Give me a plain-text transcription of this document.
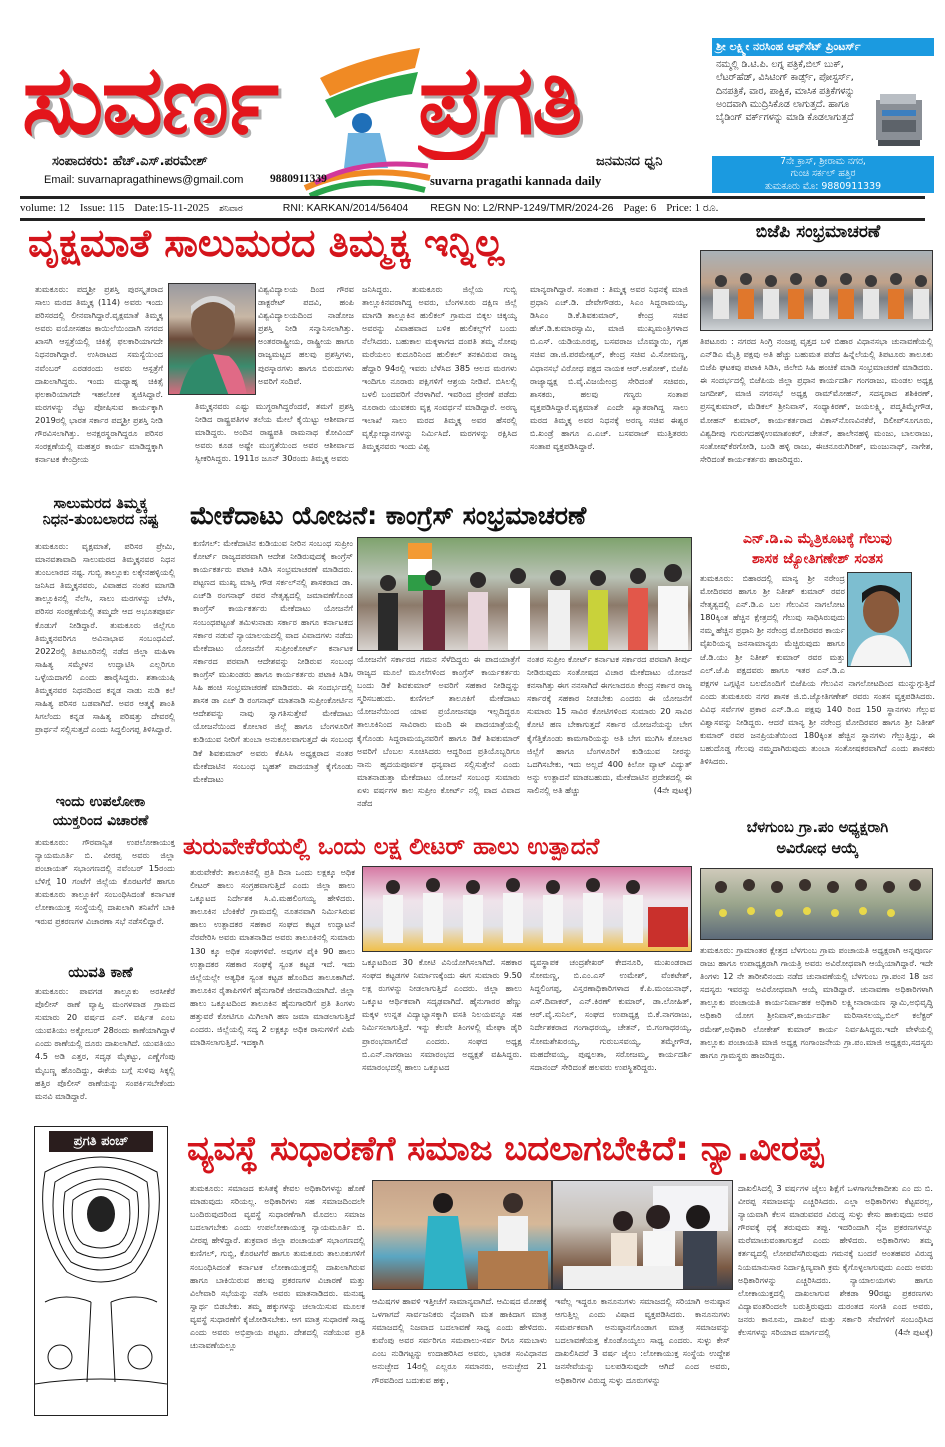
ಸುವರ್ಣ	ಪ್ರಗತಿ
ಸಂಪಾದಕರು: ಹೆಚ್.ಎಸ್.ಪರಮೇಶ್
Email: suvarnapragathinews@gmail.com 9880911339
ಜನಮನದ ಧ್ವನಿ
suvarna pragathi kannada daily
ಶ್ರೀ ಲಕ್ಷ್ಮೀ ನರಸಿಂಹ ಆಫ್‌ಸೆಟ್ ಪ್ರಿಂಟರ್ಸ್
ನಮ್ಮಲ್ಲಿ ಡಿ.ಟಿ.ಪಿ. ಲಗ್ನ ಪತ್ರಿಕೆ,ಬಿಲ್ ಬುಕ್, ಲೆಟರ್‌ಹೆಡ್, ವಿಸಿಟಿಂಗ್ ಕಾರ್ಡ್ಸ್, ಪೋಸ್ಟರ್ಸ್, ದಿನಪತ್ರಿಕೆ, ವಾರ, ಪಾಕ್ಷಿಕ, ಮಾಸಿಕ ಪತ್ರಿಕೆಗಳನ್ನು ಅಂದವಾಗಿ ಮುದ್ರಿಸಿಕೊಡ ಲಾಗುತ್ತದೆ. ಹಾಗೂ ಬೈಡಿಂಗ್ ವರ್ಕ್‌ಗಳನ್ನು ಮಾಡಿ ಕೊಡಲಾಗುತ್ತದೆ
7ನೇ ಕ್ರಾಸ್, ಶ್ರೀರಾಮ ನಗರ,
ಗುಂಚಿ ಸರ್ಕಲ್ ಹತ್ತಿರ
ತುಮಕೂರು ಮೊ: 9880911339
volume: 12 Issue: 115 Date:15-11-2025 ಶನಿವಾರ	RNI: KARKAN/2014/56404 REGN No: L2/RNP-1249/TMR/2024-26 Page: 6 Price: 1 ರೂ.
ವೃಕ್ಷಮಾತೆ ಸಾಲುಮರದ ತಿಮ್ಮಕ್ಕ ಇನ್ನಿಲ್ಲ
ತುಮಕೂರು: ಪದ್ಮಶ್ರೀ ಪ್ರಶಸ್ತಿ ಪುರಸ್ಕೃತರಾದ ಸಾಲು ಮರದ ತಿಮ್ಮಕ್ಕ (114) ಅವರು ಇಂದು ಪರಿಸರದಲ್ಲಿ ಲೀನವಾಗಿದ್ದಾರೆ.ವೃಕ್ಷಮಾತೆ ತಿಮ್ಮಕ್ಕ ಅವರು ವಯೋಸಹಜ ಕಾಯಿಲೆಯಿಂದಾಗಿ ನಗರದ ಖಾಸಗಿ ಆಸ್ಪತ್ರೆಯಲ್ಲಿ ಚಿಕಿತ್ಸೆ ಫಲಕಾರಿಯಾಗದೇ ನಿಧನರಾಗಿದ್ದಾರೆ. ಉಸಿರಾಟದ ಸಮಸ್ಯೆಯಿಂದ ನವೆಂಬರ್ ಎರಡರಂದು ಅವರು ಆಸ್ಪತ್ರೆಗೆ ದಾಖಲಾಗಿದ್ದರು. ಇಂದು ಮಧ್ಯಾಹ್ನ ಚಿಕಿತ್ಸೆ ಫಲಕಾರಿಯಾಗದೇ ಇಹಲೋಕ ತ್ಯಜಿಸಿದ್ದಾರೆ. ಮರಗಳನ್ನು ನೆಟ್ಟು ಪೋಷಿಸುವ ಕಾರ್ಯಕ್ಕಾಗಿ 2019ರಲ್ಲಿ ಭಾರತ ಸರ್ಕಾರ ಪದ್ಮಶ್ರೀ ಪ್ರಶಸ್ತಿ ನೀಡಿ ಗೌರವಿಸಲಾಗಿತ್ತು. ಅನಕ್ಷರಸ್ಥರಾಗಿದ್ದರೂ ಪರಿಸರ ಸಂರಕ್ಷಣೆಯಲ್ಲಿ ಮಹತ್ತರ ಕಾರ್ಯ ಮಾಡಿದ್ದಕ್ಕಾಗಿ ಕರ್ನಾಟಕ ಕೇಂದ್ರೀಯ
ವಿಶ್ವವಿದ್ಯಾಲಯ ದಿಂದ ಗೌರವ ಡಾಕ್ಟರೇಟ್ ಪದವಿ, ಹಂಪಿ ವಿಶ್ವವಿದ್ಯಾಲಯದಿಂದ ನಾಡೋಜ ಪ್ರಶಸ್ತಿ ನೀಡಿ ಸನ್ಮಾನಿಸಲಾಗಿತ್ತು. ಅಂತರರಾಷ್ಟ್ರೀಯ, ರಾಷ್ಟ್ರೀಯ ಹಾಗೂ ರಾಜ್ಯಮಟ್ಟದ ಹಲವು ಪ್ರಶಸ್ತಿಗಳು, ಪುರಸ್ಕಾರಗಳು ಹಾಗೂ ಬಿರುದುಗಳು ಅವರಿಗೆ ಸಂದಿವೆ.
ತಿಮ್ಮಕ್ಕನವರು ಎಷ್ಟು ಮುಗ್ಧರಾಗಿದ್ದರೆಂದರೆ, ತಮಗೆ ಪ್ರಶಸ್ತಿ ನೀಡಿದ ರಾಷ್ಟ್ರಪತಿಗಳ ತಲೆಯ ಮೇಲೆ ಕೈಯಿಟ್ಟು ಆಶೀರ್ವಾದ ಮಾಡಿದ್ದರು. ಅಂದಿನ ರಾಷ್ಟ್ರಪತಿ ರಾಮನಾಥ ಕೋವಿಂದ್ ಅವರು ಕೂಡ ಅಷ್ಟೇ ಮುಗ್ಧತೆಯಿಂದ ಅವರ ಆಶೀರ್ವಾದ ಸ್ವೀಕರಿಸಿದ್ದರು. 1911ರ ಜೂನ್ 30ರಂದು ತಿಮ್ಮಕ್ಕ ಅವರು
ಜನಿಸಿದ್ದರು. ತುಮಕೂರು ಜಿಲ್ಲೆಯ ಗುಬ್ಬಿ ತಾಲ್ಲೂಕಿನವರಾಗಿದ್ದ ಅವರು, ಬೆಂಗಳೂರು ದಕ್ಷಿಣ ಜಿಲ್ಲೆ ಮಾಗಡಿ ತಾಲ್ಲೂಕಿನ ಹುಲಿಕಲ್ ಗ್ರಾಮದ ಬಿಕ್ಕಲ ಚಿಕ್ಕಯ್ಯ ಅವರನ್ನು ವಿವಾಹವಾದ ಬಳಿಕ ಹುಲಿಕಲ್ಲ್‌ಗೆ ಬಂದು ನೆಲೆಸಿದರು. ಬಹುಕಾಲ ಮಕ್ಕಳಾಗದ ದಂಪತಿ ತಮ್ಮ ನೋವು ಮರೆಯಲು ಕುದೂರಿನಿಂದ ಹುಲಿಕಲ್ ತನಕವಿರುವ ರಾಜ್ಯ ಹೆದ್ದಾರಿ 94ರಲ್ಲಿ ಇವರು ಬೆಳೆಸಿದ 385 ಆಲದ ಮರಗಳು ಇಂದಿಗೂ ನೂರಾರು ಪಕ್ಷಿಗಳಿಗೆ ಆಶ್ರಯ ನೀಡಿವೆ. ಬಿಸಿಲಲ್ಲಿ ಬಳಲಿ ಬಂದವರಿಗೆ ನೆರಳಾಗಿವೆ. ಇವರಿಂದ ಪ್ರೇರಣೆ ಪಡೆದು ನೂರಾರು ಯುವಕರು ವೃಕ್ಷ ಸಂವರ್ಧನೆ ಮಾಡಿದ್ದಾರೆ. ಅರಣ್ಯ ಇಲಾಖೆ ಸಾಲು ಮರದ ತಿಮ್ಮಕ್ಕ ಅವರ ಹೆಸರಲ್ಲಿ ವೃಕ್ಷೋದ್ಯಾನಗಳನ್ನು ನಿರ್ಮಿಸಿದೆ. ಮರಗಳನ್ನು ರಕ್ಷಿಸಿದ ತಿಮ್ಮಕ್ಕನವರು ಇಂದು ವಿಶ್ವ
ಮಾನ್ಯರಾಗಿದ್ದಾರೆ. ಸಂತಾಪ : ತಿಮ್ಮಕ್ಕ ಅವರ ನಿಧನಕ್ಕೆ ಮಾಜಿ ಪ್ರಧಾನಿ ಎಚ್.ಡಿ. ದೇವೇಗೌಡರು, ಸಿಎಂ ಸಿದ್ದರಾಮಯ್ಯ, ಡಿಸಿಎಂ ಡಿ.ಕೆ.ಶಿವಕುಮಾರ್, ಕೇಂದ್ರ ಸಚಿವ ಹೆಚ್.ಡಿ.ಕುಮಾರಸ್ವಾಮಿ, ಮಾಜಿ ಮುಖ್ಯಮಂತ್ರಿಗಳಾದ ಬಿ.ಎಸ್. ಯಡಿಯೂರಪ್ಪ, ಬಸವರಾಜ ಬೊಮ್ಮಾಯಿ, ಗೃಹ ಸಚಿವ ಡಾ.ಜಿ.ಪರಮೇಶ್ವರ್, ಕೇಂದ್ರ ಸಚಿವ ವಿ.ಸೋಮಣ್ಣ, ವಿಧಾನಸಭೆ ವಿರೋಧ ಪಕ್ಷದ ನಾಯಕ ಆರ್.ಅಶೋಕ್, ಬಿಜೆಪಿ ರಾಜ್ಯಾಧ್ಯಕ್ಷ ಬಿ.ವೈ.ವಿಜಯೇಂದ್ರ ಸೇರಿದಂತೆ ಸಚಿವರು, ಶಾಸಕರು, ಹಲವು ಗಣ್ಯರು ಸಂತಾಪ ವ್ಯಕ್ತಪಡಿಸಿದ್ದಾರೆ.ವೃಕ್ಷಮಾತೆ ಎಂದೇ ಖ್ಯಾತರಾಗಿದ್ದ ಸಾಲು ಮರದ ತಿಮ್ಮಕ್ಕ ಅವರ ನಿಧನಕ್ಕೆ ಅರಣ್ಯ ಸಚಿವ ಈಶ್ವರ ಬಿ.ಖಂಡ್ರೆ ಹಾಗೂ ಎ.ಎಚ್. ಬಸವರಾಜ್ ಮುತ್ತಿತರರು ಸಂತಾಪ ವ್ಯಕ್ತಪಡಿಸಿದ್ದಾರೆ.
ಬಿಜೆಪಿ ಸಂಭ್ರಮಾಚರಣೆ
ತಿಪಟೂರು : ನಗರದ ಸಿಂಗ್ರಿ ನಂಜಪ್ಪ ವೃತ್ತದ ಬಳಿ ಬಿಹಾರ ವಿಧಾನಸಭಾ ಚುನಾವಣೆಯಲ್ಲಿ ಎನ್‌ಡಿಎ ಮೈತ್ರಿ ಪಕ್ಷವು ಅತಿ ಹೆಚ್ಚು ಬಹುಮತ ಪಡೆದ ಹಿನ್ನೆಲೆಯಲ್ಲಿ ತಿಪಟೂರು ತಾಲೂಕು ಬಿಜೆಪಿ ಘಟಕವು ಪಟಾಕಿ ಸಿಡಿಸಿ, ಜಿಲೇಬಿ ಸಿಹಿ ಹಂಚಿಕೆ ಮಾಡಿ ಸಂಭ್ರಮಾಚರಣೆ ಮಾಡಿದರು. ಈ ಸಂದರ್ಭದಲ್ಲಿ ಬಿಜೆಪಿಯ ಜಿಲ್ಲಾ ಪ್ರಧಾನ ಕಾರ್ಯದರ್ಶಿ ಗಂಗರಾಜು, ಮಂಡಲ ಅಧ್ಯಕ್ಷ ಜಗದೀಶ್, ಮಾಜಿ ನಗರಸಭೆ ಅಧ್ಯಕ್ಷ ರಾಮ್‌ಮೋಹನ್, ಸದಸ್ಯರಾದ ಶಶಿಕಿರಣ್, ಪ್ರಸನ್ನಕುಮಾರ್, ಮೆಡಿಕಲ್ ಶ್ರೀನಿವಾಸ್, ಸಂಧ್ಯಾಕಿರಣ್, ಜಯಲಕ್ಷ್ಮಿ, ಪದ್ಮತಿಮ್ಮೇಗೌಡ, ಮೋಹನ್ ಕುಮಾರ್, ಕಾರ್ಯಕರ್ತರಾದ ವಿಕಾಸ್‌ನೊಣವಿನಕೆರೆ, ದಿಲೀಪ್‌ಸೂಗೂರು, ವಿಶ್ವದೀಪು ಗುರುಗದಹಳ್ಳಿಉಮಾಶಂಕರ್, ಚೇತನ್, ಹಾಲೇನಹಳ್ಳಿ ಮಂಜು, ಬಾಲರಾಜು, ಸಂತೋಷ್‌ಕೆರಗೋಡಿ, ಬಂಡಿ ಹಳ್ಳಿ ರಾಜು, ಈಚನೂರುಗಿರೀಶ್, ಮಂಜುನಾಥ್, ನಾಗೇಶ, ಸೇರಿದಂತೆ ಕಾರ್ಯಕರ್ತರು ಹಾಜರಿದ್ದರು.
ಸಾಲುಮರದ ತಿಮ್ಮಕ್ಕ
ನಿಧನ-ತುಂಬಲಾರದ ನಷ್ಟ
ತುಮಕೂರು: ವೃಕ್ಷಮಾತೆ, ಪರಿಸರ ಪ್ರೇಮಿ, ಮಾನವತಾವಾದಿ ಸಾಲುಮರದ ತಿಮ್ಮಕ್ಕನವರ ನಿಧನ ತುಂಬಲಾರದ ನಷ್ಟ. ಗುಬ್ಬಿ ತಾಲ್ಲೂಕು ಲಕ್ಕೇನಹಳ್ಳಿಯಲ್ಲಿ ಜನಿಸಿದ ತಿಮ್ಮಕ್ಕನವರು, ವಿವಾಹದ ನಂತರ ಮಾಗಡಿ ತಾಲ್ಲೂಕಿನಲ್ಲಿ ನೆಲೆಸಿ, ಸಾಲು ಮರಗಳನ್ನು ಬೆಳೆಸಿ, ಪರಿಸರ ಸಂರಕ್ಷಣೆಯಲ್ಲಿ ತಮ್ಮದೇ ಆದ ಅಭೂತಪೂರ್ವ ಕೊಡುಗೆ ನೀಡಿದ್ದಾರೆ. ತುಮಕೂರು ಜಿಲ್ಲೆಗೂ ತಿಮ್ಮಕ್ಕನವರಿಗೂ ಅವಿನಾಭಾವ ಸಂಬಂಧವಿದೆ. 2022ರಲ್ಲಿ ತಿಪಟೂರಿನಲ್ಲಿ ನಡೆದ ಜಿಲ್ಲಾ ಮಹಿಳಾ ಸಾಹಿತ್ಯ ಸಮ್ಮೇಳನ ಉದ್ಘಾಟಿಸಿ ಎಲ್ಲರಿಗೂ ಒಳ್ಳೆಯದಾಗಲಿ ಎಂದು ಹಾರೈಸಿದ್ದರು. ಶತಾಯುಷಿ ತಿಮ್ಮಕ್ಕನವರ ನಿಧನದಿಂದ ಕನ್ನಡ ನಾಡು ನುಡಿ ಕಲೆ ಸಾಹಿತ್ಯ ಪರಿಸರ ಬಡವಾಗಿದೆ. ಅವರ ಆತ್ಮಕ್ಕೆ ಶಾಂತಿ ಸಿಗಲೆಂದು ಕನ್ನಡ ಸಾಹಿತ್ಯ ಪರಿಷತ್ತು ದೇವರಲ್ಲಿ ಪ್ರಾರ್ಥನೆ ಸಲ್ಲಿಸುತ್ತದೆ ಎಂದು ಸಿದ್ದಲಿಂಗಪ್ಪ ತಿಳಿಸಿದ್ದಾರೆ.
ಮೇಕೆದಾಟು ಯೋಜನೆ: ಕಾಂಗ್ರೆಸ್ ಸಂಭ್ರಮಾಚರಣೆ
ಕುಣಿಗಲ್: ಮೇಕೆದಾಟಿನ ಕುಡಿಯುವ ನೀರಿನ ಸಂಬಂಧ ಸುಪ್ರೀಂ ಕೋರ್ಟ್ ರಾಜ್ಯದಪರವಾಗಿ ಆದೇಶ ನೀಡಿರುವುದಕ್ಕೆ ಕಾಂಗ್ರೆಸ್ ಕಾರ್ಯಕರ್ತರು ಪಟಾಕಿ ಸಿಡಿಸಿ ಸಂಭ್ರಮಾಚರಣೆ ಮಾಡಿದರು. ಪಟ್ಟಣದ ಮುಖ್ಯ ಮಾಸ್ತಿ ಗೌಡ ಸರ್ಕಲ್‌ನಲ್ಲಿ ಶಾಸಕರಾದ ಡಾ. ಎಚ್‌ಡಿ ರಂಗನಾಥ್ ರವರ ನೇತೃತ್ವದಲ್ಲಿ ಜಮಾವಣೆಗೊಂಡ ಕಾಂಗ್ರೆಸ್ ಕಾರ್ಯಕರ್ತರು ಮೇಕೆದಾಟು ಯೋಜನೆಗೆ ಸಂಬಂಧಪಟ್ಟಂತೆ ತಮಿಳುನಾಡು ಸರ್ಕಾರ ಹಾಗೂ ಕರ್ನಾಟಕದ ಸರ್ಕಾರ ನಡುವೆ ನ್ಯಾಯಾಲಯದಲ್ಲಿ ವಾದ ವಿವಾದಗಳು ನಡೆದು ಮೇಕೆದಾಟು ಯೋಜನೆಗೆ ಸುಪ್ರೀಂಕೋರ್ಟ್ ಕರ್ನಾಟಕ ಸರ್ಕಾರದ ಪರವಾಗಿ ಆದೇಶವನ್ನು ನೀಡಿರುವ ಸಂಬಂಧ ಕಾಂಗ್ರೆಸ್ ಮುಖಂಡರು ಹಾಗೂ ಕಾರ್ಯಕರ್ತರು ಪಟಾಕಿ ಸಿಡಿಸಿ ಸಿಹಿ ಹಂಚಿ ಸಂಭ್ರಮಾಚರಣೆ ಮಾಡಿದರು. ಈ ಸಂದರ್ಭದಲ್ಲಿ ಶಾಸಕ ಡಾ ಎಚ್ ಡಿ ರಂಗನಾಥ್ ಮಾತನಾಡಿ ಸುಪ್ರೀಂಕೋರ್ಟಿನ ಆದೇಶವನ್ನು ನಾವು ಸ್ವಾಗತಿಸುತ್ತೇವೆ ಮೇಕೆದಾಟು ಯೋಜನೆಯಿಂದ ಕೋಲಾರ ಜಿಲ್ಲೆ ಹಾಗೂ ಬೆಂಗಳೂರಿಗೆ ಕುಡಿಯುವ ನೀರಿಗೆ ತುಂಬಾ ಅನುಕೂಲವಾಗುತ್ತದೆ ಈ ಸಂಬಂಧ ಡಿಕೆ ಶಿವಕುಮಾರ್ ಅವರು ಕೆಪಿಸಿಸಿ ಅಧ್ಯಕ್ಷರಾದ ನಂತರ ಮೇಕೆದಾಟಿನ ಸಂಬಂಧ ಬೃಹತ್ ಪಾದಯಾತ್ರೆ ಕೈಗೊಂಡು ಮೇಕೆದಾಟು
ಯೋಜನೆಗೆ ಸರ್ಕಾರದ ಗಮನ ಸೆಳೆದಿದ್ದರು ಈ ಪಾದಯಾತ್ರೆಗೆ ರಾಜ್ಯದ ಮೂಲೆ ಮೂಲೆಗಳಿಂದ ಕಾಂಗ್ರೆಸ್ ಕಾರ್ಯಕರ್ತರು ಬಂದು ಡಿಕೆ ಶಿವಕುಮಾರ್ ಅವರಿಗೆ ಸಹಕಾರ ನೀಡಿದ್ದನ್ನು ಸ್ಮರಿಸಬಹುದು. ಕುಣಿಗಲ್ ತಾಲೂಕಿಗೆ ಮೇಕೆದಾಟು ಯೋಜನೆಯಿಂದ ಯಾವ ಪ್ರಯೋಜನವೂ ಇಲ್ಲದಿದ್ದರೂ ತಾಲೂಕಿನಿಂದ ಸಾವಿರಾರು ಮಂದಿ ಈ ಪಾದಯಾತ್ರೆಯಲ್ಲಿ ಕೈಗೊಂಡು ಸಿದ್ದರಾಮಯ್ಯನವರಿಗೆ ಹಾಗೂ ಡಿಕೆ ಶಿವಕುಮಾರ್ ಅವರಿಗೆ ಬೆಂಬಲ ಸೂಚಿಸಿದರು ಆದ್ದರಿಂದ ಪ್ರತಿಯೊಬ್ಬರಿಗೂ ನಾನು ಹೃದಯಪೂರ್ವಕ ಧನ್ಯವಾದ ಸಲ್ಲಿಸುತ್ತೇನೆ ಎಂದು ಮಾತನಾಡುತ್ತಾ ಮೇಕೆದಾಟು ಯೋಜನೆ ಸಂಬಂಧ ಸುಮಾರು ಏಳು ವರ್ಷಗಳ ಕಾಲ ಸುಪ್ರೀಂ ಕೋರ್ಟ್ ನಲ್ಲಿ ವಾದ ವಿವಾದ ನಡೆದ
ನಂತರ ಸುಪ್ರೀಂ ಕೋರ್ಟ್ ಕರ್ನಾಟಕ ಸರ್ಕಾರದ ಪರವಾಗಿ ತೀರ್ಪು ನೀಡಿರುವುದು ಸಂತೋಷದ ವಿಚಾರ ಮೇಕೆದಾಟು ಯೋಜನೆ ಕನಸಾಗಿತ್ತು ಈಗ ನನಸಾಗಿದೆ ಈಗಲಾದರೂ ಕೇಂದ್ರ ಸರ್ಕಾರ ರಾಜ್ಯ ಸರ್ಕಾರಕ್ಕೆ ಸಹಕಾರ ನೀಡಬೇಕು ಎಂದರು ಈ ಯೋಜನೆಗೆ ಸುಮಾರು 15 ಸಾವಿರ ಕೋಟಿಗಳಿಂದ ಸುಮಾರು 20 ಸಾವಿರ ಕೋಟಿ ಹಣ ಬೇಕಾಗುತ್ತದೆ ಸರ್ಕಾರ ಯೋಜನೆಯನ್ನು ಬೇಗ ಕೈಗೆತ್ತಿಕೊಂಡು ಕಾಮಗಾರಿಯನ್ನು ಅತಿ ಬೇಗ ಮುಗಿಸಿ ಕೋಲಾರ ಜಿಲ್ಲೆಗೆ ಹಾಗೂ ಬೆಂಗಳೂರಿಗೆ ಕುಡಿಯುವ ನೀರನ್ನು ಒದಗಿಸಬೇಕು, ಇದು ಅಲ್ಲದೆ 400 ಕಿಲೋ ವ್ಯಾಟ್ ವಿದ್ಯುತ್ ಅನ್ನು ಉತ್ಪಾದನೆ ಮಾಡಬಹುದು, ಮೇಕೆದಾಟಿನ ಪ್ರದೇಶದಲ್ಲಿ ಈ ಸಾಲಿನಲ್ಲಿ ಅತಿ ಹೆಚ್ಚು	(4ನೇ ಪುಟಕ್ಕೆ)
ಎನ್.ಡಿ.ಎ ಮೈತ್ರಿಕೂಟಕ್ಕೆ ಗೆಲುವು
ಶಾಸಕ ಜ್ಯೋತಿಗಣೇಶ್ ಸಂತಸ
ತುಮಕೂರು: ಬಿಹಾರದಲ್ಲಿ ಮಾನ್ಯ ಶ್ರೀ ನರೇಂದ್ರ ಮೋದಿರವರ ಹಾಗೂ ಶ್ರೀ ನಿತೀಶ್ ಕುಮಾರ್ ರವರ ನೇತೃತ್ವದಲ್ಲಿ ಎನ್.ಡಿ.ಎ ಬಲ ಗೆಲುವಿನ ನಾಗಲೋಟ 180ಕ್ಕಿಂತ ಹೆಚ್ಚಿನ ಕ್ಷೇತ್ರದಲ್ಲಿ ಗೆಲುವು ಸಾಧಿಸಿರುವುದು ನಮ್ಮ ಹೆಚ್ಚಿನ ಪ್ರಧಾನಿ ಶ್ರೀ ನರೇಂದ್ರ ಮೋದಿರವರ ಕಾರ್ಯ ವೈಖರಿಯನ್ನ ಜನಸಾಮಾನ್ಯರು ಮೆಚ್ಚಿರುವುದು ಹಾಗೂ ಜೆ.ಡಿ.ಯು ಶ್ರೀ ನಿತೀಶ್ ಕುಮಾರ್ ರವರ ಮತ್ತು ಎಲ್.ಜೆ.ಪಿ ಪಕ್ಷದವರು ಹಾಗೂ ಇತರ ಎನ್.ಡಿ.ಎ ಪಕ್ಷಗಳ ಒಗ್ಗಟ್ಟಿನ ಬಲದೊಂದಿಗೆ ಬಿಜೆಪಿಯ ಗೆಲುವಿನ ನಾಗಲೋಟದಿಂದ ಮುನ್ನುಗ್ಗುತ್ತಿದೆ ಎಂದು ತುಮಕೂರು ನಗರ ಶಾಸಕ ಜಿ.ಬಿ.ಜ್ಯೋತಿಗಣೇಶ್ ರವರು ಸಂತಸ ವ್ಯಕ್ತಪಡಿಸಿದರು. ವಿವಿಧ ಸರ್ವೆಗಳ ಪ್ರಕಾರ ಎನ್.ಡಿ.ಎ ಪಕ್ಷವು 140 ರಿಂದ 150 ಸ್ಥಾನಗಳು ಗೆಲ್ಲುವ ವಿಶ್ವಾಸವನ್ನು ನೀಡಿದ್ದರು. ಆದರೆ ಮಾನ್ಯ ಶ್ರೀ ನರೇಂದ್ರ ಮೋದಿರವರ ಹಾಗೂ ಶ್ರೀ ನಿತೀಶ್ ಕುಮಾರ್ ರವರ ಜನಪ್ರಿಯತೆಯಿಂದ 180ಕ್ಕಿಂತ ಹೆಚ್ಚಿನ ಸ್ಥಾನಗಳು ಗೆಲ್ಲುತ್ತಿದ್ದು, ಈ ಬಹುದೊಡ್ಡ ಗೆಲುವು ನಮ್ಮದಾಗಿರುವುದು ತುಂಬಾ ಸಂತೋಷಕರವಾಗಿದೆ ಎಂದು ಶಾಸಕರು ತಿಳಿಸಿದರು.
ಇಂದು ಉಪಲೋಕಾ
ಯುಕ್ತರಿಂದ ವಿಚಾರಣೆ
ತುಮಕೂರು: ಗೌರವಾನ್ವಿತ ಉಪಲೋಕಾಯುಕ್ತ ನ್ಯಾಯಮೂರ್ತಿ ಬಿ. ವೀರಪ್ಪ ಅವರು ಜಿಲ್ಲಾ ಪಂಚಾಯತ್ ಸಭಾಂಗಣದಲ್ಲಿ ನವೆಂಬರ್ 15ರಂದು ಬೆಳಿಗ್ಗೆ 10 ಗಂಟೆಗೆ ಜಿಲ್ಲೆಯ ಕೊರಟಗೆರೆ ಹಾಗೂ ತುಮಕೂರು ತಾಲ್ಲೂಕಿಗೆ ಸಂಬಂಧಿಸಿದಂತೆ ಕರ್ನಾಟಕ ಲೋಕಾಯುಕ್ತ ಸಂಸ್ಥೆಯಲ್ಲಿ ದಾಖಲಾಗಿ ತನಿಖೆಗೆ ಬಾಕಿ ಇರುವ ಪ್ರಕರಣಗಳ ವಿಚಾರಣಾ ಸಭೆ ನಡೆಸಲಿದ್ದಾರೆ.
ಯುವತಿ ಕಾಣೆ
ತುಮಕೂರು: ಪಾವಗಡ ತಾಲ್ಲೂಕು ಅರಸೀಕೆರೆ ಪೊಲೀಸ್ ಠಾಣೆ ವ್ಯಾಪ್ತಿ ಮಂಗಳವಾಡ ಗ್ರಾಮದ ಸುಮಾರು 20 ವರ್ಷದ ಎನ್. ವರ್ಷಿತ ಎಂಬ ಯುವತಿಯು ಅಕ್ಟೋಬರ್ 28ರಂದು ಕಾಣೆಯಾಗಿದ್ದಾಳೆ ಎಂದು ಠಾಣೆಯಲ್ಲಿ ದೂರು ದಾಖಲಾಗಿದೆ. ಯುವತಿಯು 4.5 ಅಡಿ ಎತ್ತರ, ಸದೃಢ ಮೈಕಟ್ಟು, ಎಣ್ಣೆಗೆಂಪು ಮೈಬಣ್ಣ ಹೊಂದಿದ್ದು, ಈಕೆಯ ಬಗ್ಗೆ ಸುಳಿವು ಸಿಕ್ಕಲ್ಲಿ ಹತ್ತಿರ ಪೊಲೀಸ್ ಠಾಣೆಯನ್ನು ಸಂಪರ್ಕಿಸಬೇಕೆಂದು ಮನವಿ ಮಾಡಿದ್ದಾರೆ.
ತುರುವೇಕೆರೆಯಲ್ಲಿ ಒಂದು ಲಕ್ಷ ಲೀಟರ್ ಹಾಲು ಉತ್ಪಾದನೆ
ತುರುವೇಕೆರೆ: ತಾಲೂಕಿನಲ್ಲಿ ಪ್ರತಿ ದಿನಾ ಒಂದು ಲಕ್ಷಕ್ಕೂ ಅಧಿಕ ಲೀಟರ್ ಹಾಲು ಸಂಗ್ರಹವಾಗುತ್ತಿದೆ ಎಂದು ಜಿಲ್ಲಾ ಹಾಲು ಒಕ್ಕೂಟದ ನಿರ್ದೇಶಕ ಸಿ.ವಿ.ಮಹಲಿಂಗಯ್ಯ ಹೇಳಿದರು. ತಾಲೂಕಿನ ಬೆಂಕಿಕೆರೆ ಗ್ರಾಮದಲ್ಲಿ ನೂತನವಾಗಿ ನಿರ್ಮಿಸಿರುವ ಹಾಲು ಉತ್ಪಾದಕರ ಸಹಕಾರ ಸಂಘದ ಕಟ್ಟಡ ಉದ್ಘಾಟನೆ ನೆರವೇರಿಸಿ ಅವರು ಮಾತನಾಡಿದ ಅವರು ತಾಲೂಕಿನಲ್ಲಿ ಸುಮಾರು 130 ಕ್ಕೂ ಅಧಿಕ ಸಂಘಗಳಿವೆ. ಅವುಗಳ ಪೈಕಿ 90 ಹಾಲು ಉತ್ಪಾದಕರ ಸಹಕಾರ ಸಂಘಕ್ಕೆ ಸ್ವಂತ ಕಟ್ಟಡ ಇದೆ. ಇದು ಜಿಲ್ಲೆಯಲ್ಲೇ ಅತ್ಯಧಿಕ ಸ್ವಂತ ಕಟ್ಟಡ ಹೊಂದಿದ ತಾಲೂಕಾಗಿದೆ. ತಾಲೂಕಿನ ರೈತಾಪಿಗಳಿಗೆ ಹೈನುಗಾರಿಕೆ ಜೀವನಾಡಿಯಾಗಿದೆ. ಜಿಲ್ಲಾ ಹಾಲು ಒಕ್ಕೂಟದಿಂದ ತಾಲೂಕಿನ ಹೈನುಗಾರರಿಗೆ ಪ್ರತಿ ತಿಂಗಳು ಹತ್ತುವರೆ ಕೋಟಿಗೂ ಮಿಗಿಲಾಗಿ ಹಣ ಜಮಾ ಮಾಡಲಾಗುತ್ತಿದೆ ಎಂದರು. ಜಿಲ್ಲೆಯಲ್ಲಿ ಸದ್ಯ 2 ಲಕ್ಷಕ್ಕೂ ಅಧಿಕ ರಾಸುಗಳಿಗೆ ವಿಮೆ ಮಾಡಿಸಲಾಗುತ್ತಿದೆ. ಇದಕ್ಕಾಗಿ
ಒಕ್ಕೂಟದಿಂದ 30 ಕೋಟಿ ವಿನಿಯೋಗಿಸಲಾಗಿದೆ. ಸಹಕಾರ ಸಂಘದ ಕಟ್ಟಡಗಳ ನಿರ್ಮಾಣಕ್ಕೆಂದು ಈಗ ಸುಮಾರು 9.50 ಲಕ್ಷ ರುಗಳನ್ನು ನೀಡಲಾಗುತ್ತಿದೆ ಎಂದರು. ಜಿಲ್ಲಾ ಹಾಲು ಒಕ್ಕೂಟ ಆರ್ಥಿಕವಾಗಿ ಸದೃಢವಾಗಿದೆ. ಹೈನುಗಾರರ ಹೆಣ್ಣು ಮಕ್ಕಳ ಉನ್ನತ ವಿದ್ಯಾಭ್ಯಾಸಕ್ಕಾಗಿ ವಸತಿ ನಿಲಯವನ್ನೂ ಸಹ ನಿರ್ಮಿಸಲಾಗುತ್ತಿದೆ. ಇನ್ನು ಕೆಲವೇ ತಿಂಗಳಲ್ಲಿ ಮೇಘಾ ಡೈರಿ ಪ್ರಾರಂಭವಾಗಲಿದೆ ಎಂದರು. ಸಂಘದ ಅಧ್ಯಕ್ಷ ಬಿ.ಎನ್.ನಾಗರಾಜು ಸಮಾರಂಭದ ಅಧ್ಯಕ್ಷತೆ ವಹಿಸಿದ್ದರು. ಸಮಾರಂಭದಲ್ಲಿ ಹಾಲು ಒಕ್ಕೂಟದ
ವ್ಯವಸ್ಥಾಪಕ ಚಂದ್ರಶೇಖರ್ ಕೇದನೂರಿ, ಮುಖಂಡರಾದ ಸೋಮಣ್ಣ, ಬಿ.ಎಂ.ಎಸ್ ಉಮೇಶ್, ವೆಂಕಟೇಶ್, ಸಿದ್ದಲಿಂಗಪ್ಪ, ವಿಸ್ತರಣಾಧಿಕಾರಿಗಳಾದ ಕೆ.ಪಿ.ಮಂಜುನಾಥ್, ಎಸ್.ದಿವಾಕರ್, ಎನ್.ಕಿರಣ್ ಕುಮಾರ್, ಡಾ.ಲೋಹಿತ್, ಆರ್.ವೈ.ಸುನಿಲ್, ಸಂಘದ ಉಪಾಧ್ಯಕ್ಷ ಬಿ.ಕೆ.ನಾಗರಾಜು, ನಿರ್ದೇಶಕರಾದ ಗಂಗಾಧರಯ್ಯ, ಚೇತನ್, ಬಿ.ಗಂಗಾಧರಯ್ಯ, ಸೋಮಶೇಖರಯ್ಯ, ಗುರುಬಸವಯ್ಯ, ತಮ್ಮೇಗೌಡ, ಮಹದೇವಯ್ಯ, ಪುಷ್ಪಲತಾ, ಸರೋಜಮ್ಮ, ಕಾರ್ಯದರ್ಶಿ ಸದಾನಂದ್ ಸೇರಿದಂತೆ ಹಲವರು ಉಪಸ್ಥಿತರಿದ್ದರು.
ಬೆಳಗುಂಬ ಗ್ರಾ.ಪಂ ಅಧ್ಯಕ್ಷರಾಗಿ
ಅವಿರೋಧ ಆಯ್ಕೆ
ತುಮಕೂರು: ಗ್ರಾಮಾಂತರ ಕ್ಷೇತ್ರದ ಬೆಳಗುಂಬ ಗ್ರಾಮ ಪಂಚಾಯತಿ ಅಧ್ಯಕ್ಷರಾಗಿ ಅನ್ನಪೂರ್ಣ ರಾಜು ಹಾಗೂ ಉಪಾಧ್ಯಕ್ಷರಾಗಿ ಗಾಯತ್ರಿ ಅವರು ಅವಿರೋಧವಾಗಿ ಆಯ್ಕೆಯಾಗಿದ್ದಾರೆ. ಇದೇ ತಿಂಗಳು 12 ನೇ ತಾರೀಖಿನಂದು ನಡೆದ ಚುನಾವಣೆಯಲ್ಲಿ ಬೆಳಗುಂಬ ಗ್ರಾ.ಪಂನ 18 ಜನ ಸದಸ್ಯರು ಇವರನ್ನು ಅವಿರೋಧವಾಗಿ ಆಯ್ಕೆ ಮಾಡಿದ್ದಾರೆ. ಚುನಾವಣಾ ಅಧಿಕಾರಿಗಳಾಗಿ ತಾಲ್ಲೂಕು ಪಂಚಾಯತಿ ಕಾರ್ಯನಿರ್ವಾಹಕ ಅಧಿಕಾರಿ ಲಕ್ಷ್ಮೀನಾರಾಯಣ ಸ್ವಾಮಿ,ಅಭಿವೃದ್ಧಿ ಅಧಿಕಾರಿ ಯೋಗ ಶ್ರೀನಿವಾಸ್,ಕಾರ್ಯದರ್ಶಿ ಮರಿಸಾಸಲಯ್ಯ,ಬಿಲ್ ಕಲೆಕ್ಟರ್ ರಮೇಶ್,ಅಧಿಕಾರಿ ಲೋಕೇಶ್ ಕುಮಾರ್ ಕಾರ್ಯ ನಿರ್ವಹಿಸಿದ್ದರು.ಇದೇ ವೇಳೆಯಲ್ಲಿ ತಾಲ್ಲೂಕು ಪಂಚಾಯತಿ ಮಾಜಿ ಅಧ್ಯಕ್ಷ ಗಂಗಾಂಜನೇಯ ಗ್ರಾ.ಪಂ.ಮಾಜಿ ಅಧ್ಯಕ್ಷರು,ಸದಸ್ಯರು ಹಾಗೂ ಗ್ರಾಮಸ್ಥರು ಹಾಜರಿದ್ದರು.
ಪ್ರಗತಿ ಪಂಚ್	ವ್ಯವಸ್ಥೆ ಸುಧಾರಣೆಗೆ ಸಮಾಜ ಬದಲಾಗಬೇಕಿದೆ: ನ್ಯಾ.ವೀರಪ್ಪ
ತುಮಕೂರು: ಸಮಾಜದ ಕುಸಿತಕ್ಕೆ ಕೇವಲ ಅಧಿಕಾರಿಗಳನ್ನು ಹೊಣೆ ಮಾಡುವುದು ಸರಿಯಲ್ಲ. ಅಧಿಕಾರಿಗಳು ಸಹ ಸಮಾಜದಿಂದಲೇ ಬಂದಿರುವುದರಿಂದ ವ್ಯವಸ್ಥೆ ಸುಧಾರಣೆಗಾಗಿ ಮೊದಲು ಸಮಾಜ ಬದಲಾಗಬೇಕು ಎಂದು ಉಪಲೋಕಾಯುಕ್ತ ನ್ಯಾಯಮೂರ್ತಿ ಬಿ. ವೀರಪ್ಪ ಹೇಳಿದ್ದಾರೆ. ಶುಕ್ರವಾರ ಜಿಲ್ಲಾ ಪಂಚಾಯತ್ ಸಭಾಂಗಣದಲ್ಲಿ ಕುಣಿಗಲ್, ಗುಬ್ಬಿ, ಕೊರಟಗೆರೆ ಹಾಗೂ ತುಮಕೂರು ತಾಲೂಕುಗಳಿಗೆ ಸಂಬಂಧಿಸಿದಂತೆ ಕರ್ನಾಟಕ ಲೋಕಾಯುಕ್ತದಲ್ಲಿ ದಾಖಲಾಗಿರುವ ಹಾಗೂ ಬಾಕಿಯಿರುವ ಹಲವು ಪ್ರಕರಣಗಳ ವಿಚಾರಣೆ ಮತ್ತು ವಿಲೇವಾರಿ ಸಭೆಯನ್ನು ನಡೆಸಿ ಅವರು ಮಾತನಾಡಿದರು. ಮನುಷ್ಯ ಸ್ವಾರ್ಥ ಬಿಡಬೇಕು. ತಮ್ಮ ಹಕ್ಕುಗಳನ್ನು ಚಲಾಯಿಸುವ ಮೂಲಕ ವ್ಯವಸ್ಥೆ ಸುಧಾರಣೆಗೆ ಕೈಜೋಡಿಸಬೇಕು. ಆಗ ಮಾತ್ರ ಸುಧಾರಣೆ ಸಾಧ್ಯ ಎಂದು ಅವರು ಅಭಿಪ್ರಾಯ ಪಟ್ಟರು. ದೇಶದಲ್ಲಿ ನಡೆಯುವ ಪ್ರತಿ ಚುನಾವಣೆಯಲ್ಲೂ
ಆಮಿಷಗಳ ಹಾವಳಿ ಇತ್ತೀಚೆಗೆ ಸಾಮಾನ್ಯವಾಗಿದೆ. ಆಮಿಷದ ಮೋಹಕ್ಕೆ ಒಳಗಾಗದೆ ಸಾರ್ವಜನಿಕರು ನೈಜವಾಗಿ ಮತ ಹಾಕಿದಾಗ ಮಾತ್ರ ಸಮಾಜದಲ್ಲಿ ನಿಜವಾದ ಬದಲಾವಣೆ ಸಾಧ್ಯ ಎಂದು ಹೇಳಿದರು. ಕುವೆಂಪು ಅವರ ಸರ್ವರಿಗೂ ಸಮಪಾಲು-ಸರ್ವ ರಿಗೂ ಸಮಬಾಳು ಎಂಬ ನುಡಿಗಟ್ಟನ್ನು ಉದಾಹರಿಸಿದ ಅವರು, ಭಾರತ ಸಂವಿಧಾನದ ಅನುಚ್ಛೇದ 14ರಲ್ಲಿ ಎಲ್ಲರೂ ಸಮಾನರು, ಅನುಚ್ಛೇದ 21 ಗೌರವದಿಂದ ಬದುಕುವ ಹಕ್ಕು,
ಇವೆಲ್ಲ ಇದ್ದರೂ ಕಾನೂನುಗಳು ಸಮಾಜದಲ್ಲಿ ಸರಿಯಾಗಿ ಅನುಷ್ಠಾನ ಆಗುತ್ತಿಲ್ಲ ಎಂದು ವಿಷಾದ ವ್ಯಕ್ತಪಡಿಸಿದರು. ಕಾನೂನುಗಳು ಸಮರ್ಪಕವಾಗಿ ಅನುಷ್ಠಾನಗೊಂಡಾಗ ಮಾತ್ರ ಸಮಾಜವನ್ನು ಬದಲಾವಣೆಯತ್ತ ಕೊಂಡೊಯ್ಯಲು ಸಾಧ್ಯ ಎಂದರು. ಸುಳ್ಳು ಕೇಸ್ ದಾಖಲಿಸಿದರೆ 3 ವರ್ಷ ಜೈಲು :ಲೋಕಾಯುಕ್ತ ಸಂಸ್ಥೆಯ ಉದ್ದೇಶ ಜನಸೇವೆಯನ್ನು ಬಲಪಡಿಸುವುದೇ ಆಗಿದೆ ಎಂದ ಅವರು, ಅಧಿಕಾರಿಗಳ ವಿರುದ್ಧ ಸುಳ್ಳು ದೂರುಗಳನ್ನು
ದಾಖಲಿಸಿದಲ್ಲಿ 3 ವರ್ಷಗಳ ಜೈಲು ಶಿಕ್ಷೆಗೆ ಒಳಗಾಗಬೇಕಾದೀತು ಎಂ ದು ಬಿ. ವೀರಪ್ಪ ಸಮಾಜವನ್ನು ಎಚ್ಚರಿಸಿದರು. ಎಲ್ಲಾ ಅಧಿಕಾರಿಗಳು ಕೆಟ್ಟವರಲ್ಲ, ನ್ಯಾಯವಾಗಿ ಕೆಲಸ ಮಾಡುವವರ ವಿರುದ್ಧ ಸುಳ್ಳು ಕೇಸು ಹಾಕುವುದು ಅವರ ಗೌರವಕ್ಕೆ ಧಕ್ಕೆ ತರುವುದು ತಪ್ಪು. ಇದರಿಂದಾಗಿ ನೈಜ ಪ್ರಕರಣಗಳನ್ನೂ ಮರೆಮಾಚುವಂತಾಗುತ್ತದೆ ಎಂದು ಹೇಳಿದರು. ಅಧಿಕಾರಿಗಳು ತಮ್ಮ ಕರ್ತವ್ಯದಲ್ಲಿ ಲೋಪವೆಸಗಿರುವುದು ಗಮನಕ್ಕೆ ಬಂದರೆ ಅಂತಹವರ ವಿರುದ್ಧ ನಿಯಮಾನುಸಾರ ನಿರ್ದಾಕ್ಷಿಣ್ಯವಾಗಿ ಕ್ರಮ ಕೈಗೊಳ್ಳಲಾಗುವುದು ಎಂದು ಅವರು ಅಧಿಕಾರಿಗಳನ್ನು ಎಚ್ಚರಿಸಿದರು. ನ್ಯಾಯಾಲಯಗಳು ಹಾಗೂ ಲೋಕಾಯುಕ್ತದಲ್ಲಿ ದಾಖಲಾಗುವ ಶೇಕಡಾ 90ರಷ್ಟು ಪ್ರಕರಣಗಳು ವಿದ್ಯಾವಂತರಿಂದಲೇ ಬರುತ್ತಿರುವುದು ದುರಂತದ ಸಂಗತಿ ಎಂದ ಅವರು, ಜನರು ಕಾನೂನು, ದಾಖಲೆ ಮತ್ತು ಸರ್ಕಾರಿ ಸೇವೆಗಳಿಗೆ ಸಂಬಂಧಿಸಿದ ಕೆಲಸಗಳನ್ನು ಸರಿಯಾದ ಮಾರ್ಗದಲ್ಲಿ	(4ನೇ ಪುಟಕ್ಕೆ)
